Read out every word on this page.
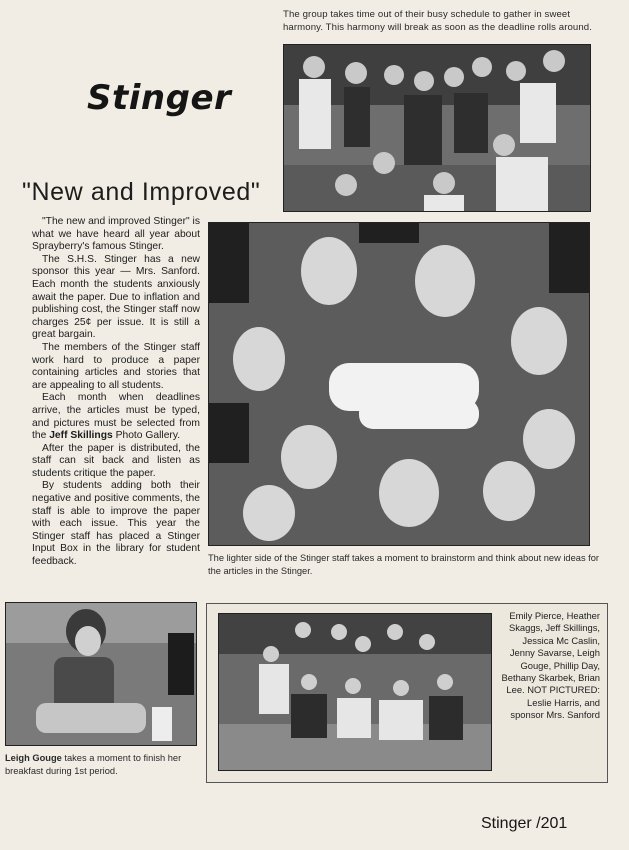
The group takes time out of their busy schedule to gather in sweet harmony. This harmony will break as soon as the deadline rolls around.
Stinger
"New and Improved"

"The new and improved Stinger" is what we have heard all year about Sprayberry's famous Stinger.

The S.H.S. Stinger has a new sponsor this year — Mrs. Sanford. Each month the students anxiously await the paper. Due to inflation and publishing cost, the Stinger staff now charges 25¢ per issue. It is still a great bargain.

The members of the Stinger staff work hard to produce a paper containing articles and stories that are appealing to all students.

Each month when deadlines arrive, the articles must be typed, and pictures must be selected from the Jeff Skillings Photo Gallery.

After the paper is distributed, the staff can sit back and listen as students critique the paper.

By students adding both their negative and positive comments, the staff is able to improve the paper with each issue. This year the Stinger staff has placed a Stinger Input Box in the library for student feedback.	The lighter side of the Stinger staff takes a moment to brainstorm and think about new ideas for the articles in the Stinger.
Leigh Gouge takes a moment to finish her breakfast during 1st period.
Emily Pierce, Heather Skaggs, Jeff Skillings, Jessica Mc Caslin, Jenny Savarse, Leigh Gouge, Phillip Day, Bethany Skarbek, Brian Lee. NOT PICTURED: Leslie Harris, and sponsor Mrs. Sanford
Stinger /201
